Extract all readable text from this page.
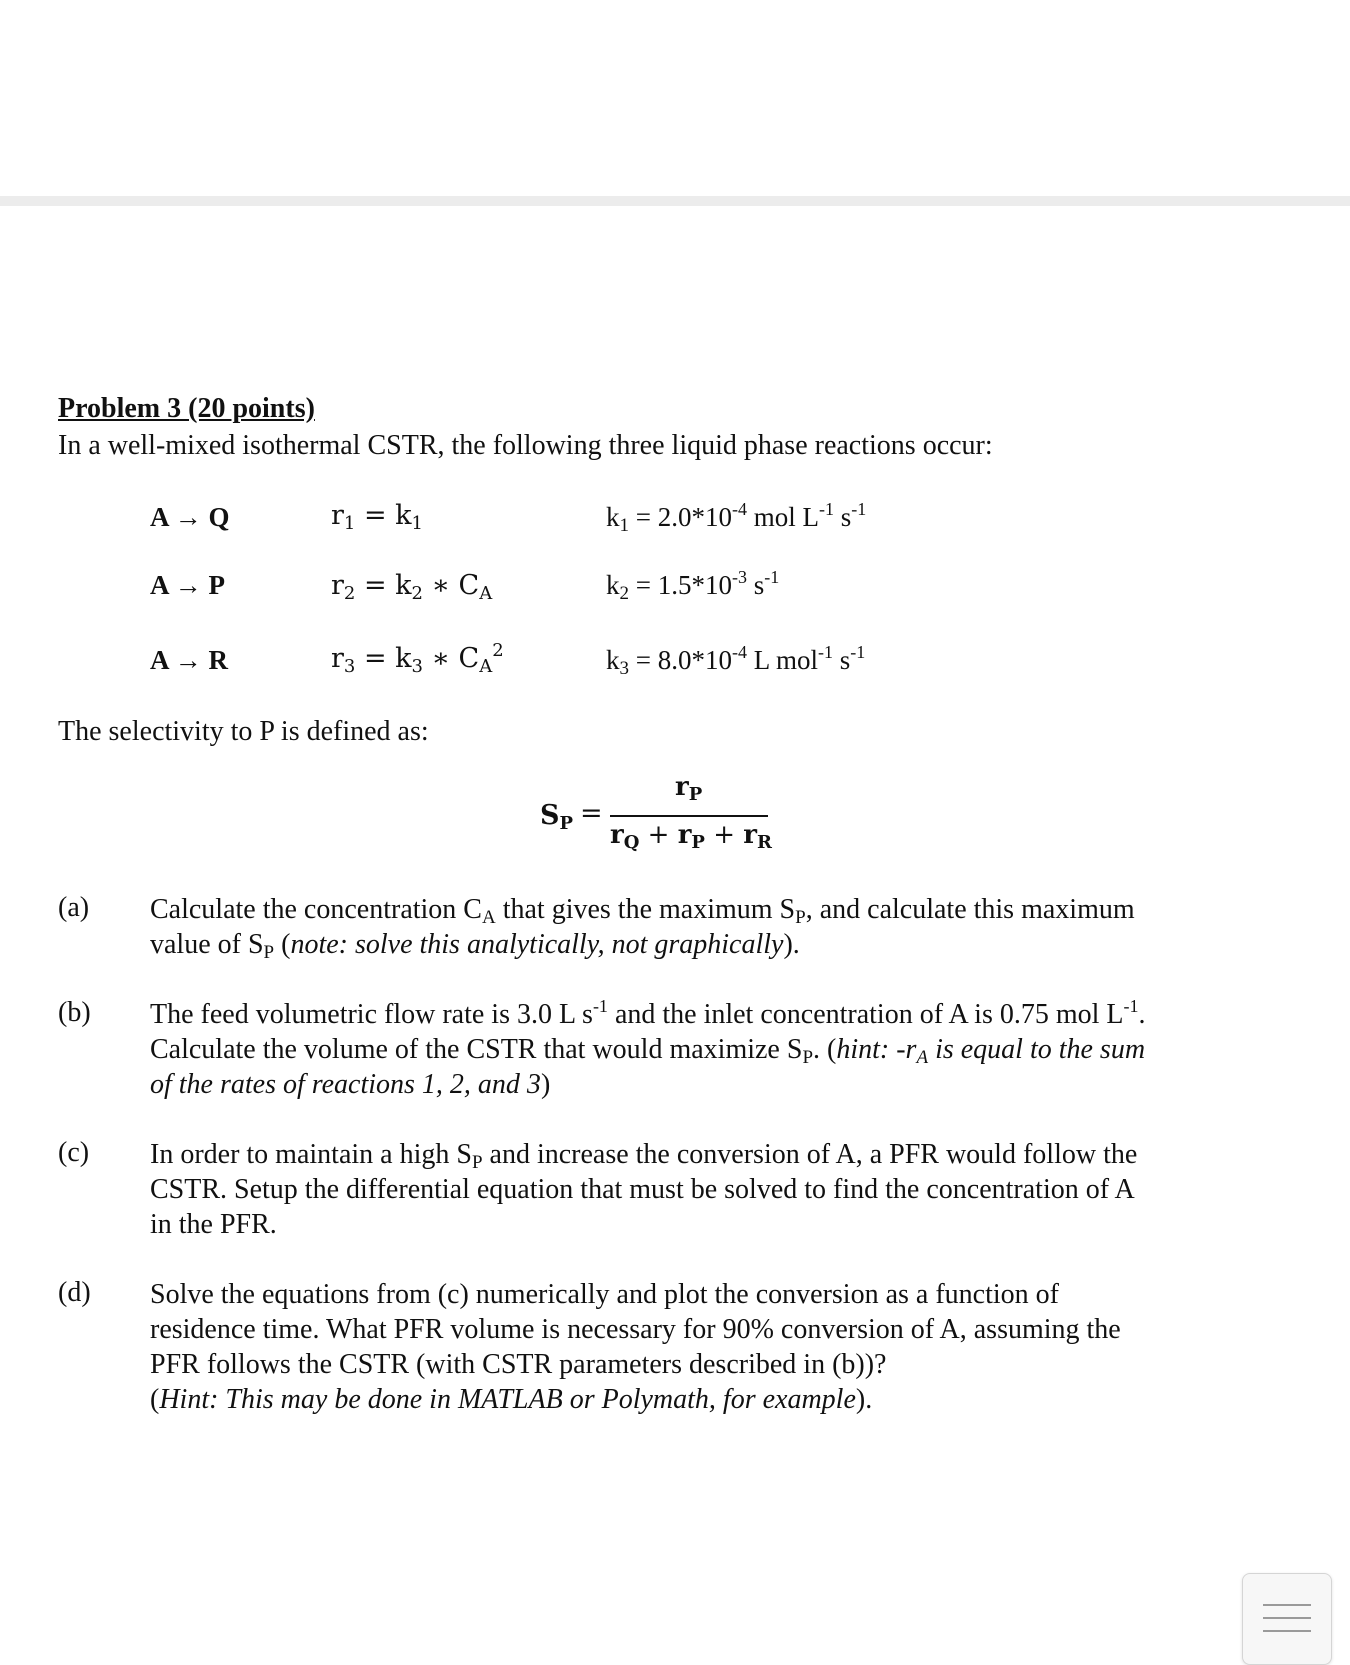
Problem 3 (20 points)
In a well-mixed isothermal CSTR, the following three liquid phase reactions occur:
A → Q	$r_1 = k_1$	$k_1 = 2.0*10^{-4}$ mol $L^{-1}$ $s^{-1}$
A → P	$r_2 = k_2$ ∗ $C_A$	$k_2 = 1.5*10^{-3}$ $s^{-1}$
A → R	$r_3 = k_3$ ∗ $C_A^2$	$k_3 = 8.0*10^{-4}$ L mol$^{-1}$ $s^{-1}$
The selectivity to P is defined as:
$S_P$ =
$r_P$
$r_Q + r_P + r_R$
(a) Calculate the concentration $C_A$ that gives the maximum $S_P$, and calculate this maximum
value of $S_P$ (note: solve this analytically, not graphically).
(b) The feed volumetric flow rate is 3.0 L $s^{-1}$ and the inlet concentration of A is 0.75 mol $L^{-1}$.
Calculate the volume of the CSTR that would maximize $S_P$. (hint: $-r_A$ is equal to the sum
of the rates of reactions 1, 2, and 3)
(c) In order to maintain a high $S_P$ and increase the conversion of A, a PFR would follow the
CSTR. Setup the differential equation that must be solved to find the concentration of A
in the PFR.
(d) Solve the equations from (c) numerically and plot the conversion as a function of
residence time. What PFR volume is necessary for 90% conversion of A, assuming the
PFR follows the CSTR (with CSTR parameters described in (b))?
(Hint: This may be done in MATLAB or Polymath, for example).
